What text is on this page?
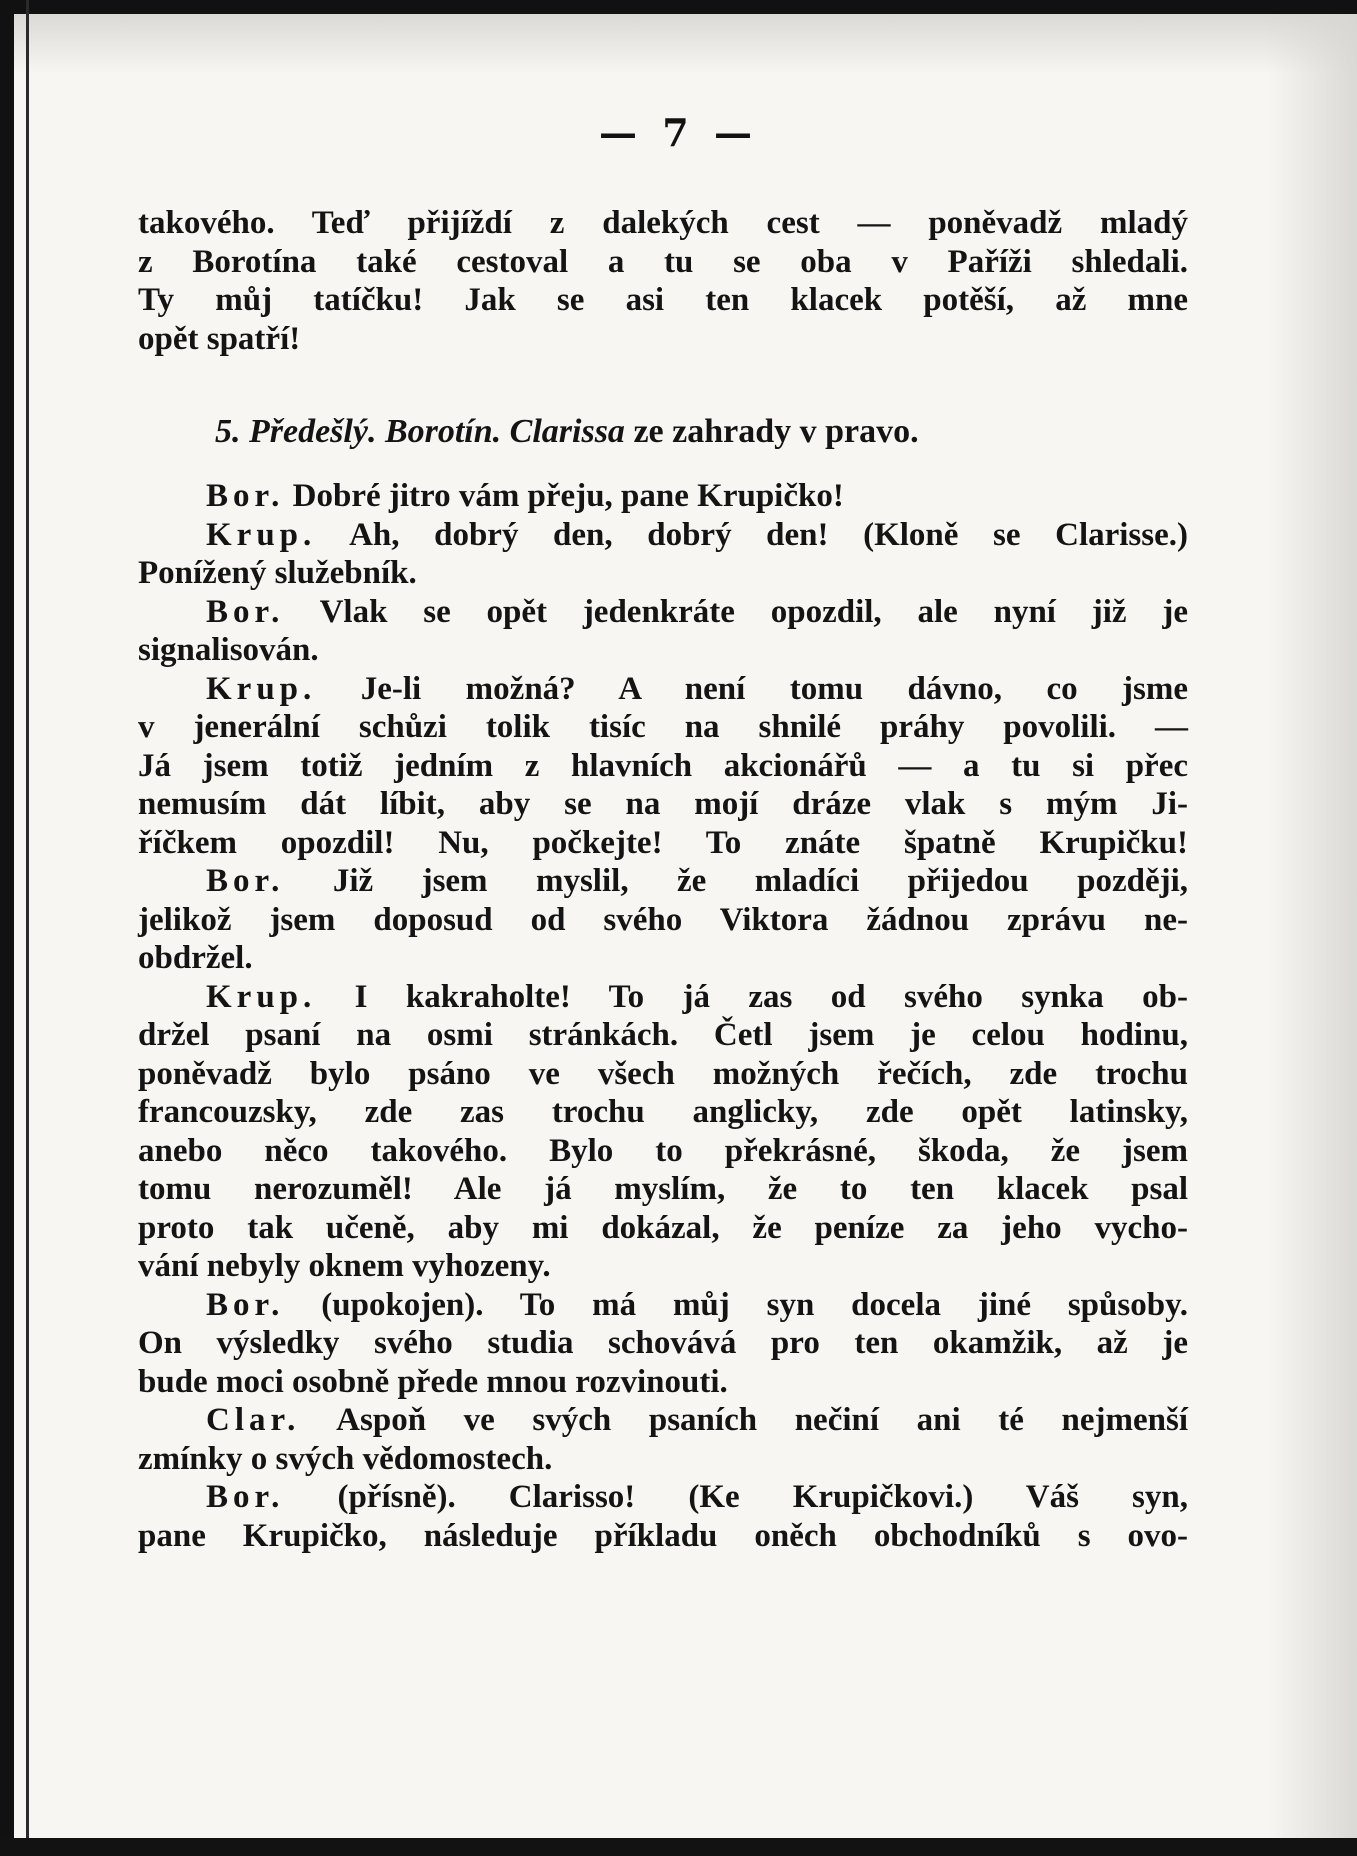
— 7 —
takového. Teď přijíždí z dalekých cest — poněvadž mladý
z Borotína také cestoval a tu se oba v Paříži shledali.
Ty můj tatíčku! Jak se asi ten klacek potěší, až mne
opět spatří!
5. Předešlý. Borotín. Clarissa ze zahrady v pravo.
Bor. Dobré jitro vám přeju, pane Krupičko!
Krup. Ah, dobrý den, dobrý den! (Kloně se Clarisse.)
Ponížený služebník.
Bor. Vlak se opět jedenkráte opozdil, ale nyní již je
signalisován.
Krup. Je-li možná? A není tomu dávno, co jsme
v jenerální schůzi tolik tisíc na shnilé práhy povolili. —
Já jsem totiž jedním z hlavních akcionářů — a tu si přec
nemusím dát líbit, aby se na mojí dráze vlak s mým Ji-
říčkem opozdil! Nu, počkejte! To znáte špatně Krupičku!
Bor. Již jsem myslil, že mladíci přijedou později,
jelikož jsem doposud od svého Viktora žádnou zprávu ne-
obdržel.
Krup. I kakraholte! To já zas od svého synka ob-
držel psaní na osmi stránkách. Četl jsem je celou hodinu,
poněvadž bylo psáno ve všech možných řečích, zde trochu
francouzsky, zde zas trochu anglicky, zde opět latinsky,
anebo něco takového. Bylo to překrásné, škoda, že jsem
tomu nerozuměl! Ale já myslím, že to ten klacek psal
proto tak učeně, aby mi dokázal, že peníze za jeho vycho-
vání nebyly oknem vyhozeny.
Bor. (upokojen). To má můj syn docela jiné spůsoby.
On výsledky svého studia schovává pro ten okamžik, až je
bude moci osobně přede mnou rozvinouti.
Clar. Aspoň ve svých psaních nečiní ani té nejmenší
zmínky o svých vědomostech.
Bor. (přísně). Clarisso! (Ke Krupičkovi.) Váš syn,
pane Krupičko, následuje příkladu oněch obchodníků s ovo-
